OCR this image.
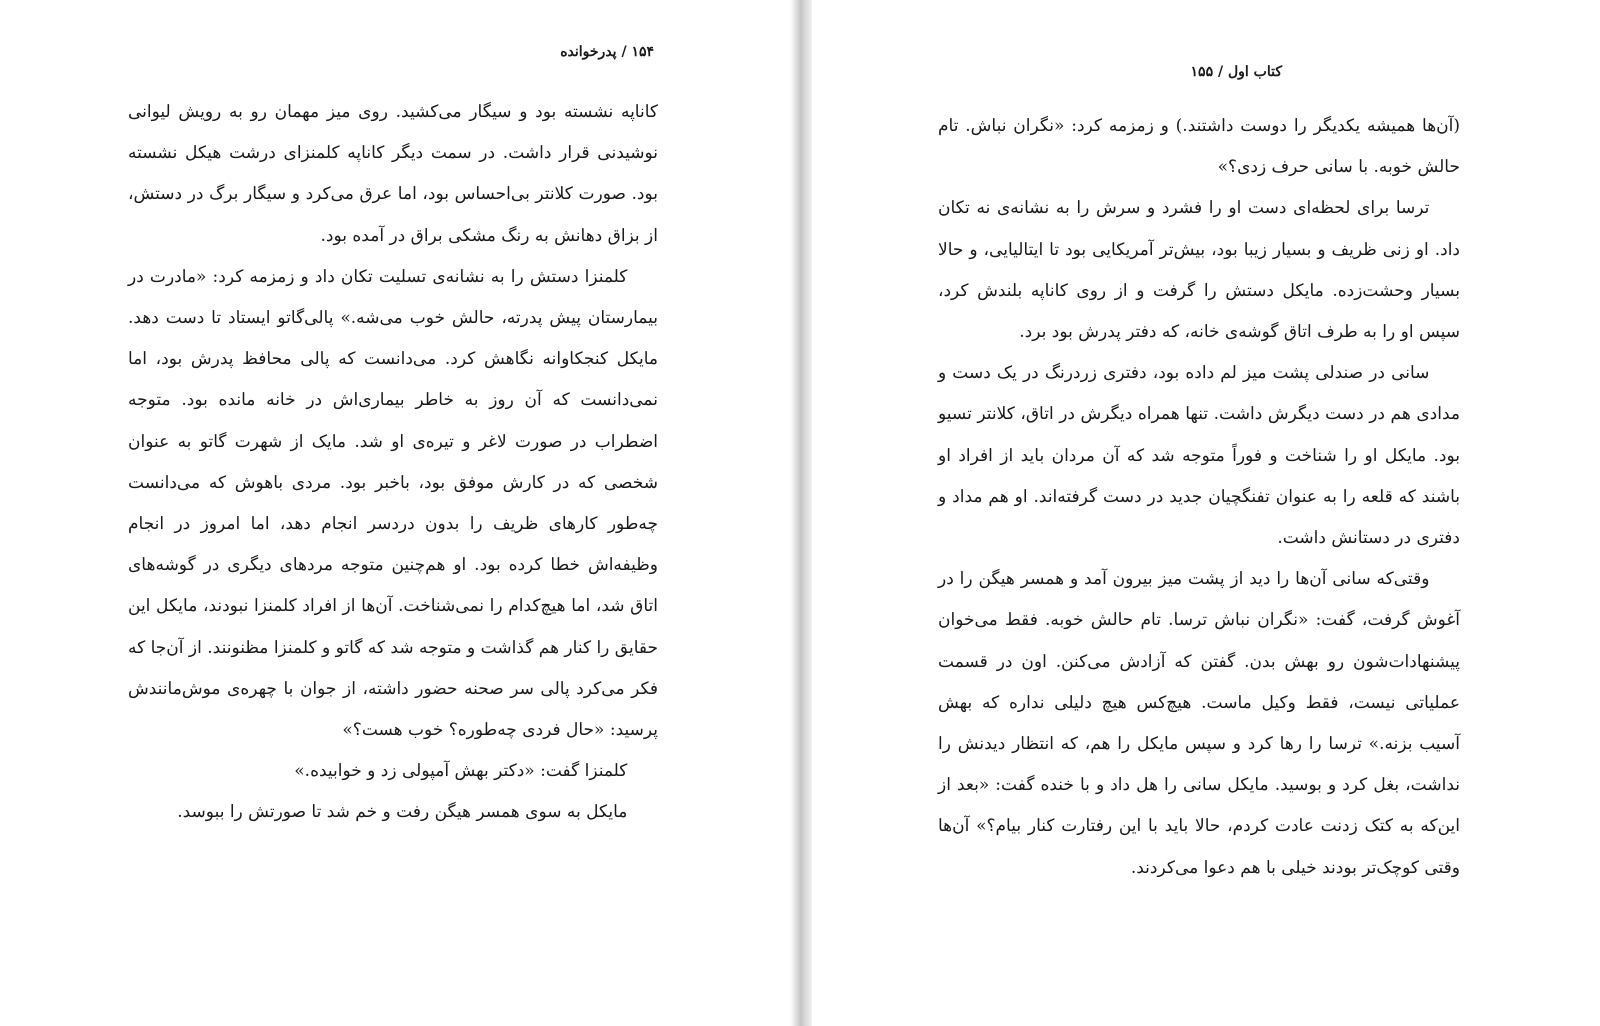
۱۵۴ / پدرخوانده

کاناپه نشسته بود و سیگار می‌کشید. روی میز مهمان رو به رویش لیوانی نوشیدنی قرار داشت. در سمت دیگر کاناپه کلمنزای درشت هیکل نشسته بود. صورت کلانتر بی‌احساس بود، اما عرق می‌کرد و سیگار برگ در دستش، از بزاق دهانش به رنگ مشکی براق در آمده بود.

کلمنزا دستش را به نشانه‌ی تسلیت تکان داد و زمزمه کرد: «مادرت در بیمارستان پیش پدرته، حالش خوب می‌شه.» پالی‌گاتو ایستاد تا دست دهد. مایکل کنجکاوانه نگاهش کرد. می‌دانست که پالی محافظ پدرش بود، اما نمی‌دانست که آن روز به خاطر بیماری‌اش در خانه مانده بود. متوجه اضطراب در صورت لاغر و تیره‌ی او شد. مایک از شهرت گاتو به عنوان شخصی که در کارش موفق بود، باخبر بود. مردی باهوش که می‌دانست چه‌طور کارهای ظریف را بدون دردسر انجام دهد، اما امروز در انجام وظیفه‌اش خطا کرده بود. او هم‌چنین متوجه مردهای دیگری در گوشه‌های اتاق شد، اما هیچ‌کدام را نمی‌شناخت. آن‌ها از افراد کلمنزا نبودند، مایکل این حقایق را کنار هم گذاشت و متوجه شد که گاتو و کلمنزا مظنونند. از آن‌جا که فکر می‌کرد پالی سر صحنه حضور داشته، از جوان با چهره‌ی موش‌مانندش پرسید: «حال فردی چه‌طوره؟ خوب هست؟»

کلمنزا گفت: «دکتر بهش آمپولی زد و خوابیده.»

مایکل به سوی همسر هیگن رفت و خم شد تا صورتش را ببوسد.

کتاب اول / ۱۵۵

(آن‌ها همیشه یکدیگر را دوست داشتند.) و زمزمه کرد: «نگران نباش. تام حالش خوبه. با سانی حرف زدی؟»

ترسا برای لحظه‌ای دست او را فشرد و سرش را به نشانه‌ی نه تکان داد. او زنی ظریف و بسیار زیبا بود، بیش‌تر آمریکایی بود تا ایتالیایی، و حالا بسیار وحشت‌زده. مایکل دستش را گرفت و از روی کاناپه بلندش کرد، سپس او را به طرف اتاق گوشه‌ی خانه، که دفتر پدرش بود برد.

سانی در صندلی پشت میز لم داده بود، دفتری زردرنگ در یک دست و مدادی هم در دست دیگرش داشت. تنها همراه دیگرش در اتاق، کلانتر تسیو بود. مایکل او را شناخت و فوراً متوجه شد که آن مردان باید از افراد او باشند که قلعه را به عنوان تفنگچیان جدید در دست گرفته‌اند. او هم مداد و دفتری در دستانش داشت.

وقتی‌که سانی آن‌ها را دید از پشت میز بیرون آمد و همسر هیگن را در آغوش گرفت، گفت: «نگران نباش ترسا. تام حالش خوبه. فقط می‌خوان پیشنهادات‌شون رو بهش بدن. گفتن که آزادش می‌کنن. اون در قسمت عملیاتی نیست، فقط وکیل ماست. هیچ‌کس هیچ دلیلی نداره که بهش آسیب بزنه.» ترسا را رها کرد و سپس مایکل را هم، که انتظار دیدنش را نداشت، بغل کرد و بوسید. مایکل سانی را هل داد و با خنده گفت: «بعد از این‌که به کتک زدنت عادت کردم، حالا باید با این رفتارت کنار بیام؟» آن‌ها وقتی کوچک‌تر بودند خیلی با هم دعوا می‌کردند.
